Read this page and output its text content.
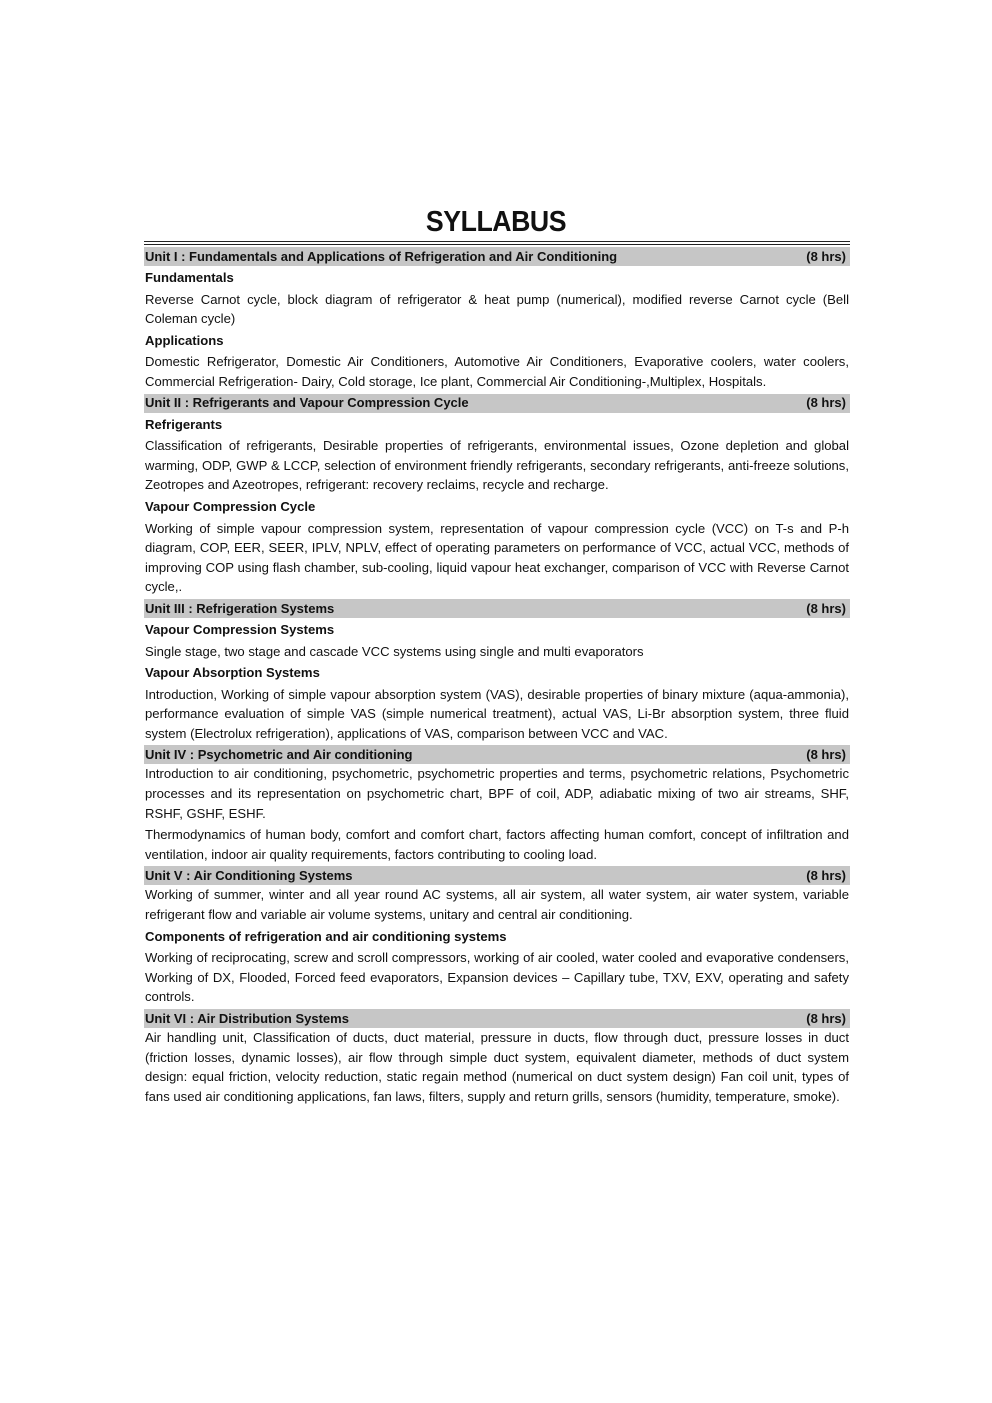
SYLLABUS
Unit I : Fundamentals and Applications of Refrigeration and Air Conditioning	(8 hrs)
Fundamentals
Reverse Carnot cycle, block diagram of refrigerator & heat pump (numerical), modified reverse Carnot cycle (Bell Coleman cycle)
Applications
Domestic Refrigerator, Domestic Air Conditioners, Automotive Air Conditioners, Evaporative coolers, water coolers, Commercial Refrigeration- Dairy, Cold storage, Ice plant, Commercial Air Conditioning-,Multiplex, Hospitals.
Unit II : Refrigerants and Vapour Compression Cycle	(8 hrs)
Refrigerants
Classification of refrigerants, Desirable properties of refrigerants, environmental issues, Ozone depletion and global warming, ODP, GWP & LCCP, selection of environment friendly refrigerants, secondary refrigerants, anti-freeze solutions, Zeotropes and Azeotropes, refrigerant: recovery reclaims, recycle and recharge.
Vapour Compression Cycle
Working of simple vapour compression system, representation of vapour compression cycle (VCC) on T-s and P-h diagram, COP, EER, SEER, IPLV, NPLV, effect of operating parameters on performance of VCC, actual VCC, methods of improving COP using flash chamber, sub-cooling, liquid vapour heat exchanger, comparison of VCC with Reverse Carnot cycle,.
Unit III : Refrigeration Systems	(8 hrs)
Vapour Compression Systems
Single stage, two stage and cascade VCC systems using single and multi evaporators
Vapour Absorption Systems
Introduction, Working of simple vapour absorption system (VAS), desirable properties of binary mixture (aqua-ammonia), performance evaluation of simple VAS (simple numerical treatment), actual VAS, Li-Br absorption system, three fluid system (Electrolux refrigeration), applications of VAS, comparison between VCC and VAC.
Unit IV : Psychometric and Air conditioning	(8 hrs)
Introduction to air conditioning, psychometric, psychometric properties and terms, psychometric relations, Psychometric processes and its representation on psychometric chart, BPF of coil, ADP, adiabatic mixing of two air streams, SHF, RSHF, GSHF, ESHF.
Thermodynamics of human body, comfort and comfort chart, factors affecting human comfort, concept of infiltration and ventilation, indoor air quality requirements, factors contributing to cooling load.
Unit V : Air Conditioning Systems	(8 hrs)
Working of summer, winter and all year round AC systems, all air system, all water system, air water system, variable refrigerant flow and variable air volume systems, unitary and central air conditioning.
Components of refrigeration and air conditioning systems
Working of reciprocating, screw and scroll compressors, working of air cooled, water cooled and evaporative condensers, Working of DX, Flooded, Forced feed evaporators, Expansion devices – Capillary tube, TXV, EXV, operating and safety controls.
Unit VI : Air Distribution Systems	(8 hrs)
Air handling unit, Classification of ducts, duct material, pressure in ducts, flow through duct, pressure losses in duct (friction losses, dynamic losses), air flow through simple duct system, equivalent diameter, methods of duct system design: equal friction, velocity reduction, static regain method (numerical on duct system design) Fan coil unit, types of fans used air conditioning applications, fan laws, filters, supply and return grills, sensors (humidity, temperature, smoke).
